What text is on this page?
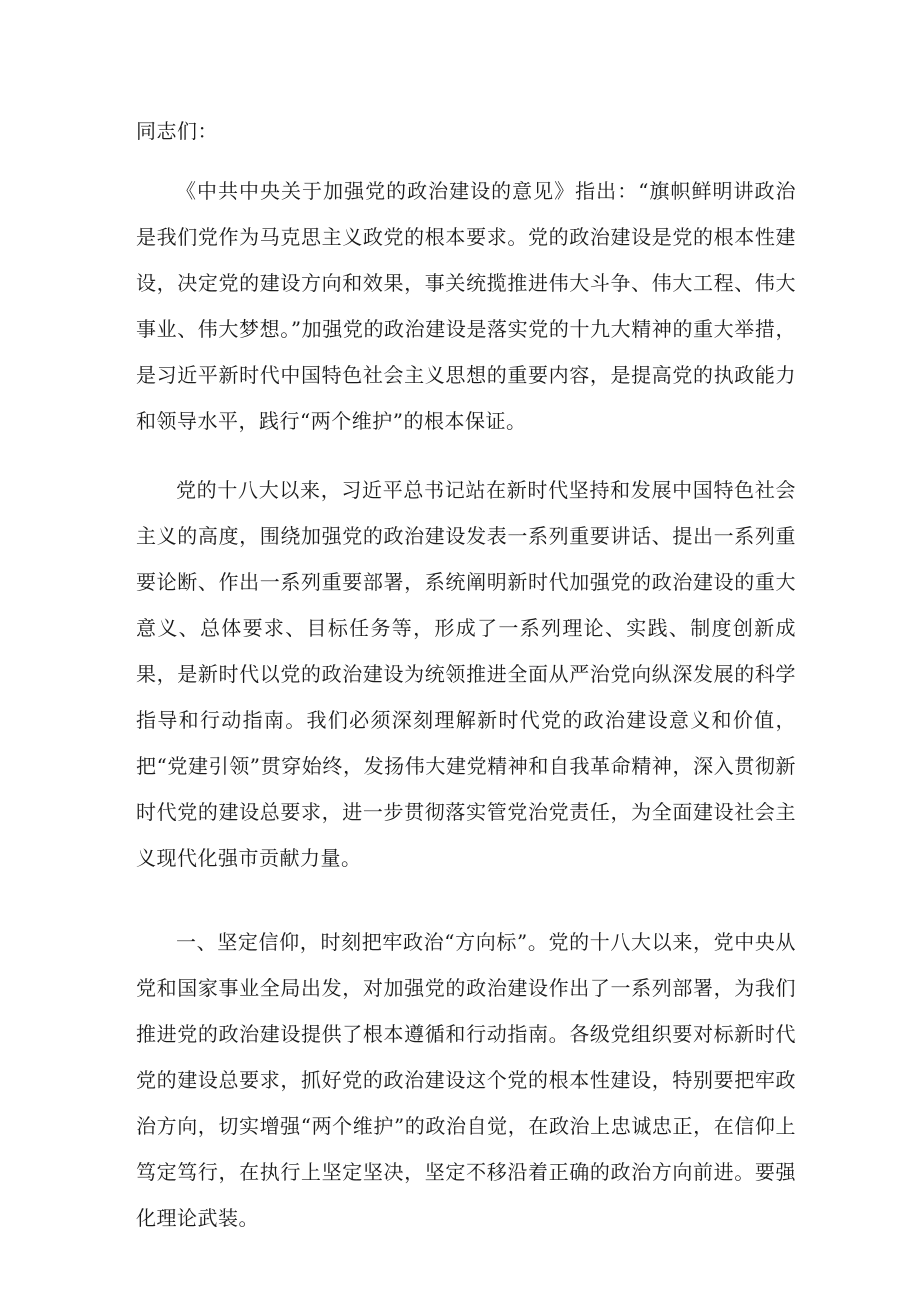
同志们：

《中共中央关于加强党的政治建设的意见》指出：“旗帜鲜明讲政治是我们党作为马克思主义政党的根本要求。党的政治建设是党的根本性建设，决定党的建设方向和效果，事关统揽推进伟大斗争、伟大工程、伟大事业、伟大梦想。”加强党的政治建设是落实党的十九大精神的重大举措，是习近平新时代中国特色社会主义思想的重要内容，是提高党的执政能力和领导水平，践行“两个维护”的根本保证。

党的十八大以来，习近平总书记站在新时代坚持和发展中国特色社会主义的高度，围绕加强党的政治建设发表一系列重要讲话、提出一系列重要论断、作出一系列重要部署，系统阐明新时代加强党的政治建设的重大意义、总体要求、目标任务等，形成了一系列理论、实践、制度创新成果，是新时代以党的政治建设为统领推进全面从严治党向纵深发展的科学指导和行动指南。我们必须深刻理解新时代党的政治建设意义和价值，把“党建引领”贯穿始终，发扬伟大建党精神和自我革命精神，深入贯彻新时代党的建设总要求，进一步贯彻落实管党治党责任，为全面建设社会主义现代化强市贡献力量。

一、坚定信仰，时刻把牢政治“方向标”。党的十八大以来，党中央从党和国家事业全局出发，对加强党的政治建设作出了一系列部署，为我们推进党的政治建设提供了根本遵循和行动指南。各级党组织要对标新时代党的建设总要求，抓好党的政治建设这个党的根本性建设，特别要把牢政治方向，切实增强“两个维护”的政治自觉，在政治上忠诚忠正，在信仰上笃定笃行，在执行上坚定坚决，坚定不移沿着正确的政治方向前进。要强化理论武装。
